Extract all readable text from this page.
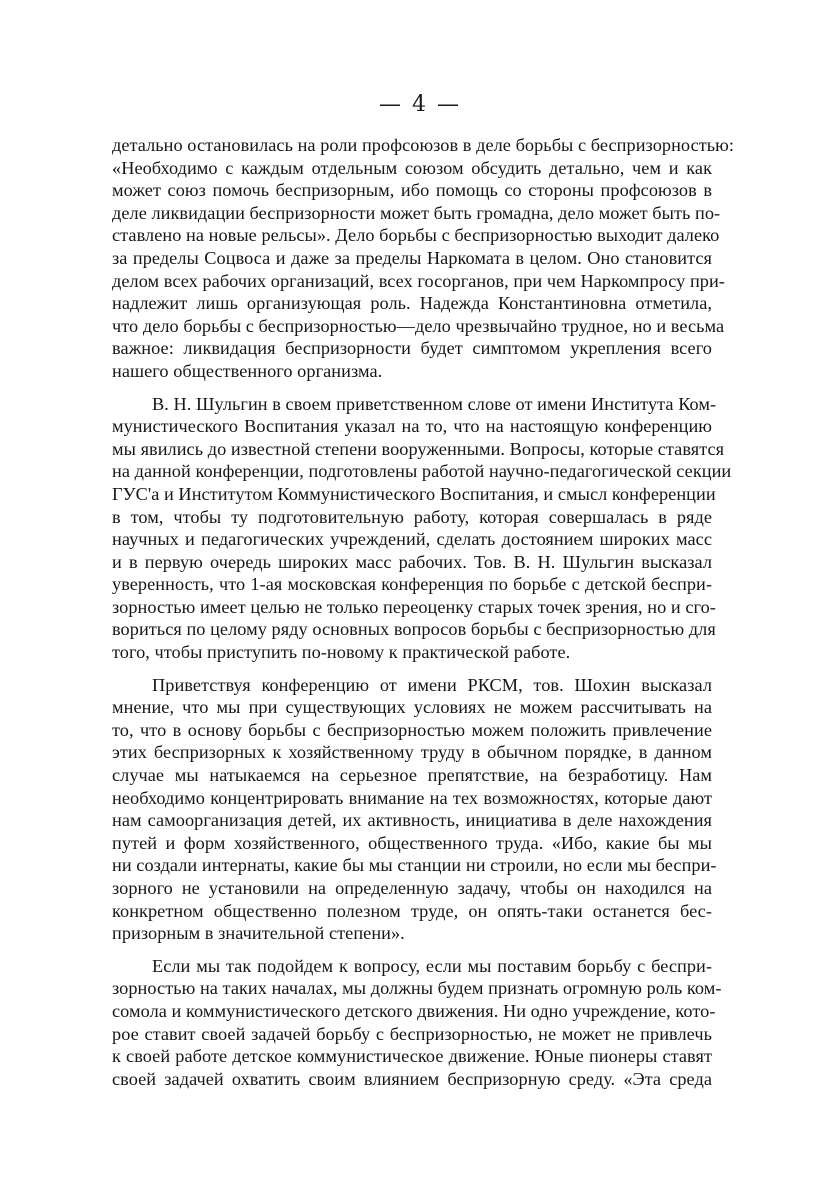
— 4 —

детально остановилась на роли профсоюзов в деле борьбы с беспризорностью:
«Необходимо с каждым отдельным союзом обсудить детально, чем и как
может союз помочь беспризорным, ибо помощь со стороны профсоюзов в
деле ликвидации беспризорности может быть громадна, дело может быть по-
ставлено на новые рельсы». Дело борьбы с беспризорностью выходит далеко
за пределы Соцвоса и даже за пределы Наркомата в целом. Оно становится
делом всех рабочих организаций, всех госорганов, при чем Наркомпросу при-
надлежит лишь организующая роль. Надежда Константиновна отметила,
что дело борьбы с беспризорностью—дело чрезвычайно трудное, но и весьма
важное: ликвидация беспризорности будет симптомом укрепления всего
нашего общественного организма.

В. Н. Шульгин в своем приветственном слове от имени Института Ком-
мунистического Воспитания указал на то, что на настоящую конференцию
мы явились до известной степени вооруженными. Вопросы, которые ставятся
на данной конференции, подготовлены работой научно-педагогической секции
ГУС'а и Институтом Коммунистического Воспитания, и смысл конференции
в том, чтобы ту подготовительную работу, которая совершалась в ряде
научных и педагогических учреждений, сделать достоянием широких масс
и в первую очередь широких масс рабочих. Тов. В. Н. Шульгин высказал
уверенность, что 1-ая московская конференция по борьбе с детской беспри-
зорностью имеет целью не только переоценку старых точек зрения, но и сго-
вориться по целому ряду основных вопросов борьбы с беспризорностью для
того, чтобы приступить по-новому к практической работе.

Приветствуя конференцию от имени РКСМ, тов. Шохин высказал
мнение, что мы при существующих условиях не можем рассчитывать на
то, что в основу борьбы с беспризорностью можем положить привлечение
этих беспризорных к хозяйственному труду в обычном порядке, в данном
случае мы натыкаемся на серьезное препятствие, на безработицу. Нам
необходимо концентрировать внимание на тех возможностях, которые дают
нам самоорганизация детей, их активность, инициатива в деле нахождения
путей и форм хозяйственного, общественного труда. «Ибо, какие бы мы
ни создали интернаты, какие бы мы станции ни строили, но если мы беспри-
зорного не установили на определенную задачу, чтобы он находился на
конкретном общественно полезном труде, он опять-таки останется бес-
призорным в значительной степени».

Если мы так подойдем к вопросу, если мы поставим борьбу с беспри-
зорностью на таких началах, мы должны будем признать огромную роль ком-
сомола и коммунистического детского движения. Ни одно учреждение, кото-
рое ставит своей задачей борьбу с беспризорностью, не может не привлечь
к своей работе детское коммунистическое движение. Юные пионеры ставят
своей задачей охватить своим влиянием беспризорную среду. «Эта среда
